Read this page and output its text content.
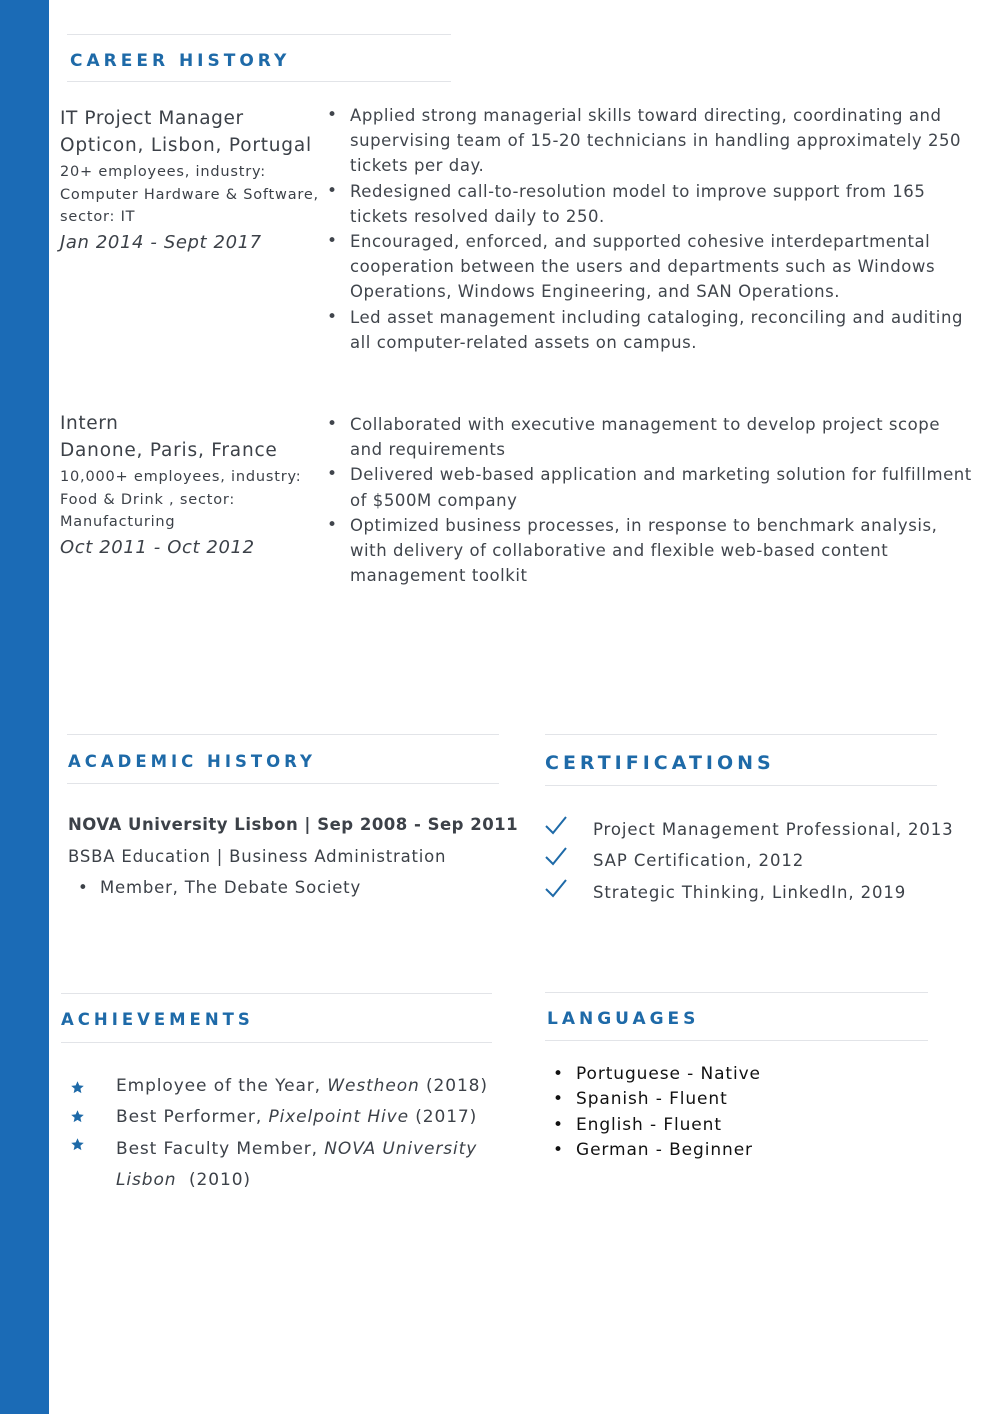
CAREER HISTORY
IT Project Manager
Opticon, Lisbon, Portugal
20+ employees, industry:
Computer Hardware & Software,
sector: IT
Jan 2014 - Sept 2017
• Applied strong managerial skills toward directing, coordinating and supervising team of 15-20 technicians in handling approximately 250 tickets per day.
• Redesigned call-to-resolution model to improve support from 165 tickets resolved daily to 250.
• Encouraged, enforced, and supported cohesive interdepartmental cooperation between the users and departments such as Windows Operations, Windows Engineering, and SAN Operations.
• Led asset management including cataloging, reconciling and auditing all computer-related assets on campus.
Intern
Danone, Paris, France
10,000+ employees, industry:
Food & Drink , sector:
Manufacturing
Oct 2011 - Oct 2012
• Collaborated with executive management to develop project scope and requirements
• Delivered web-based application and marketing solution for fulfillment of $500M company
• Optimized business processes, in response to benchmark analysis, with delivery of collaborative and flexible web-based content management toolkit
ACADEMIC HISTORY
NOVA University Lisbon | Sep 2008 - Sep 2011
BSBA Education | Business Administration
• Member, The Debate Society
CERTIFICATIONS
Project Management Professional, 2013
SAP Certification, 2012
Strategic Thinking, LinkedIn, 2019
ACHIEVEMENTS
Employee of the Year, Westheon (2018)
Best Performer, Pixelpoint Hive (2017)
Best Faculty Member, NOVA University
Lisbon  (2010)
LANGUAGES
• Portuguese - Native
• Spanish - Fluent
• English - Fluent
• German - Beginner
